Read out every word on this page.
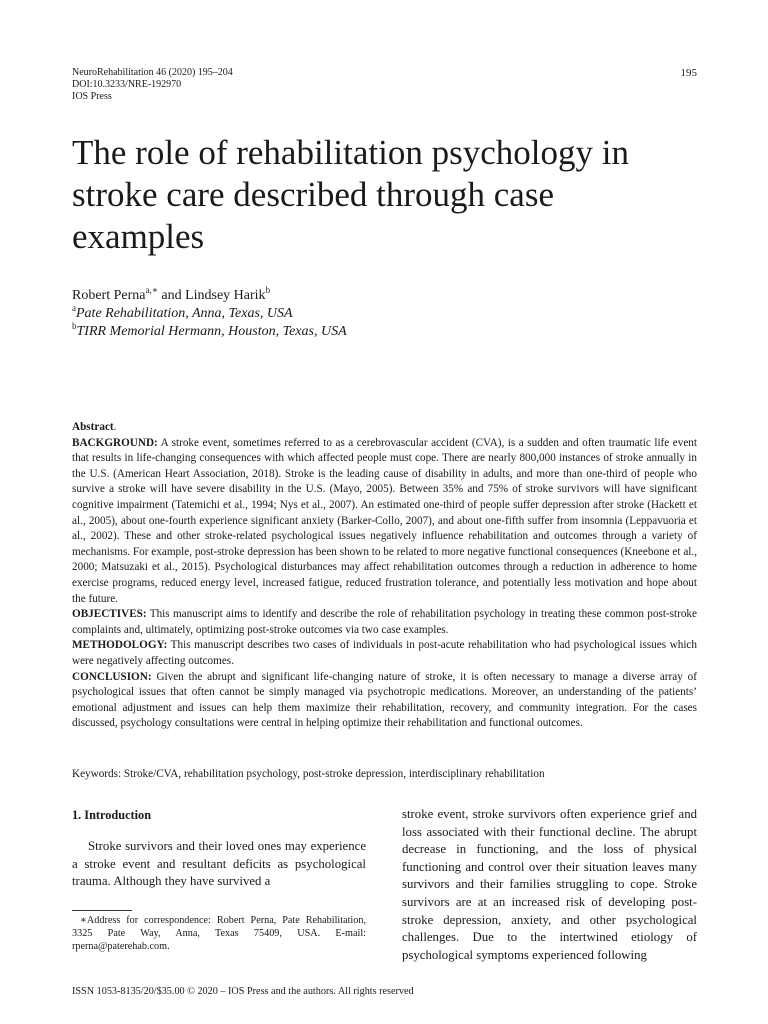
NeuroRehabilitation 46 (2020) 195–204
DOI:10.3233/NRE-192970
IOS Press
195
The role of rehabilitation psychology in stroke care described through case examples
Robert Perna$^{a,∗}$ and Lindsey Harik$^b$
$^a$Pate Rehabilitation, Anna, Texas, USA
$^b$TIRR Memorial Hermann, Houston, Texas, USA

Abstract.

BACKGROUND: A stroke event, sometimes referred to as a cerebrovascular accident (CVA), is a sudden and often traumatic life event that results in life-changing consequences with which affected people must cope. There are nearly 800,000 instances of stroke annually in the U.S. (American Heart Association, 2018). Stroke is the leading cause of disability in adults, and more than one-third of people who survive a stroke will have severe disability in the U.S. (Mayo, 2005). Between 35% and 75% of stroke survivors will have significant cognitive impairment (Tatemichi et al., 1994; Nys et al., 2007). An estimated one-third of people suffer depression after stroke (Hackett et al., 2005), about one-fourth experience significant anxiety (Barker-Collo, 2007), and about one-fifth suffer from insomnia (Leppavuoria et al., 2002). These and other stroke-related psychological issues negatively influence rehabilitation and outcomes through a variety of mechanisms. For example, post-stroke depression has been shown to be related to more negative functional consequences (Kneebone et al., 2000; Matsuzaki et al., 2015). Psychological disturbances may affect rehabilitation outcomes through a reduction in adherence to home exercise programs, reduced energy level, increased fatigue, reduced frustration tolerance, and potentially less motivation and hope about the future.

OBJECTIVES: This manuscript aims to identify and describe the role of rehabilitation psychology in treating these common post-stroke complaints and, ultimately, optimizing post-stroke outcomes via two case examples.

METHODOLOGY: This manuscript describes two cases of individuals in post-acute rehabilitation who had psychological issues which were negatively affecting outcomes.

CONCLUSION: Given the abrupt and significant life-changing nature of stroke, it is often necessary to manage a diverse array of psychological issues that often cannot be simply managed via psychotropic medications. Moreover, an understanding of the patients’ emotional adjustment and issues can help them maximize their rehabilitation, recovery, and community integration. For the cases discussed, psychology consultations were central in helping optimize their rehabilitation and functional outcomes.

Keywords: Stroke/CVA, rehabilitation psychology, post-stroke depression, interdisciplinary rehabilitation
1. Introduction

Stroke survivors and their loved ones may experience a stroke event and resultant deficits as psychological trauma. Although they have survived a

stroke event, stroke survivors often experience grief and loss associated with their functional decline. The abrupt decrease in functioning, and the loss of physical functioning and control over their situation leaves many survivors and their families struggling to cope. Stroke survivors are at an increased risk of developing post-stroke depression, anxiety, and other psychological challenges. Due to the intertwined etiology of psychological symptoms experienced following

∗Address for correspondence: Robert Perna, Pate Rehabilitation, 3325 Pate Way, Anna, Texas 75409, USA. E-mail: rperna@paterehab.com.
ISSN 1053-8135/20/$35.00 © 2020 – IOS Press and the authors. All rights reserved
